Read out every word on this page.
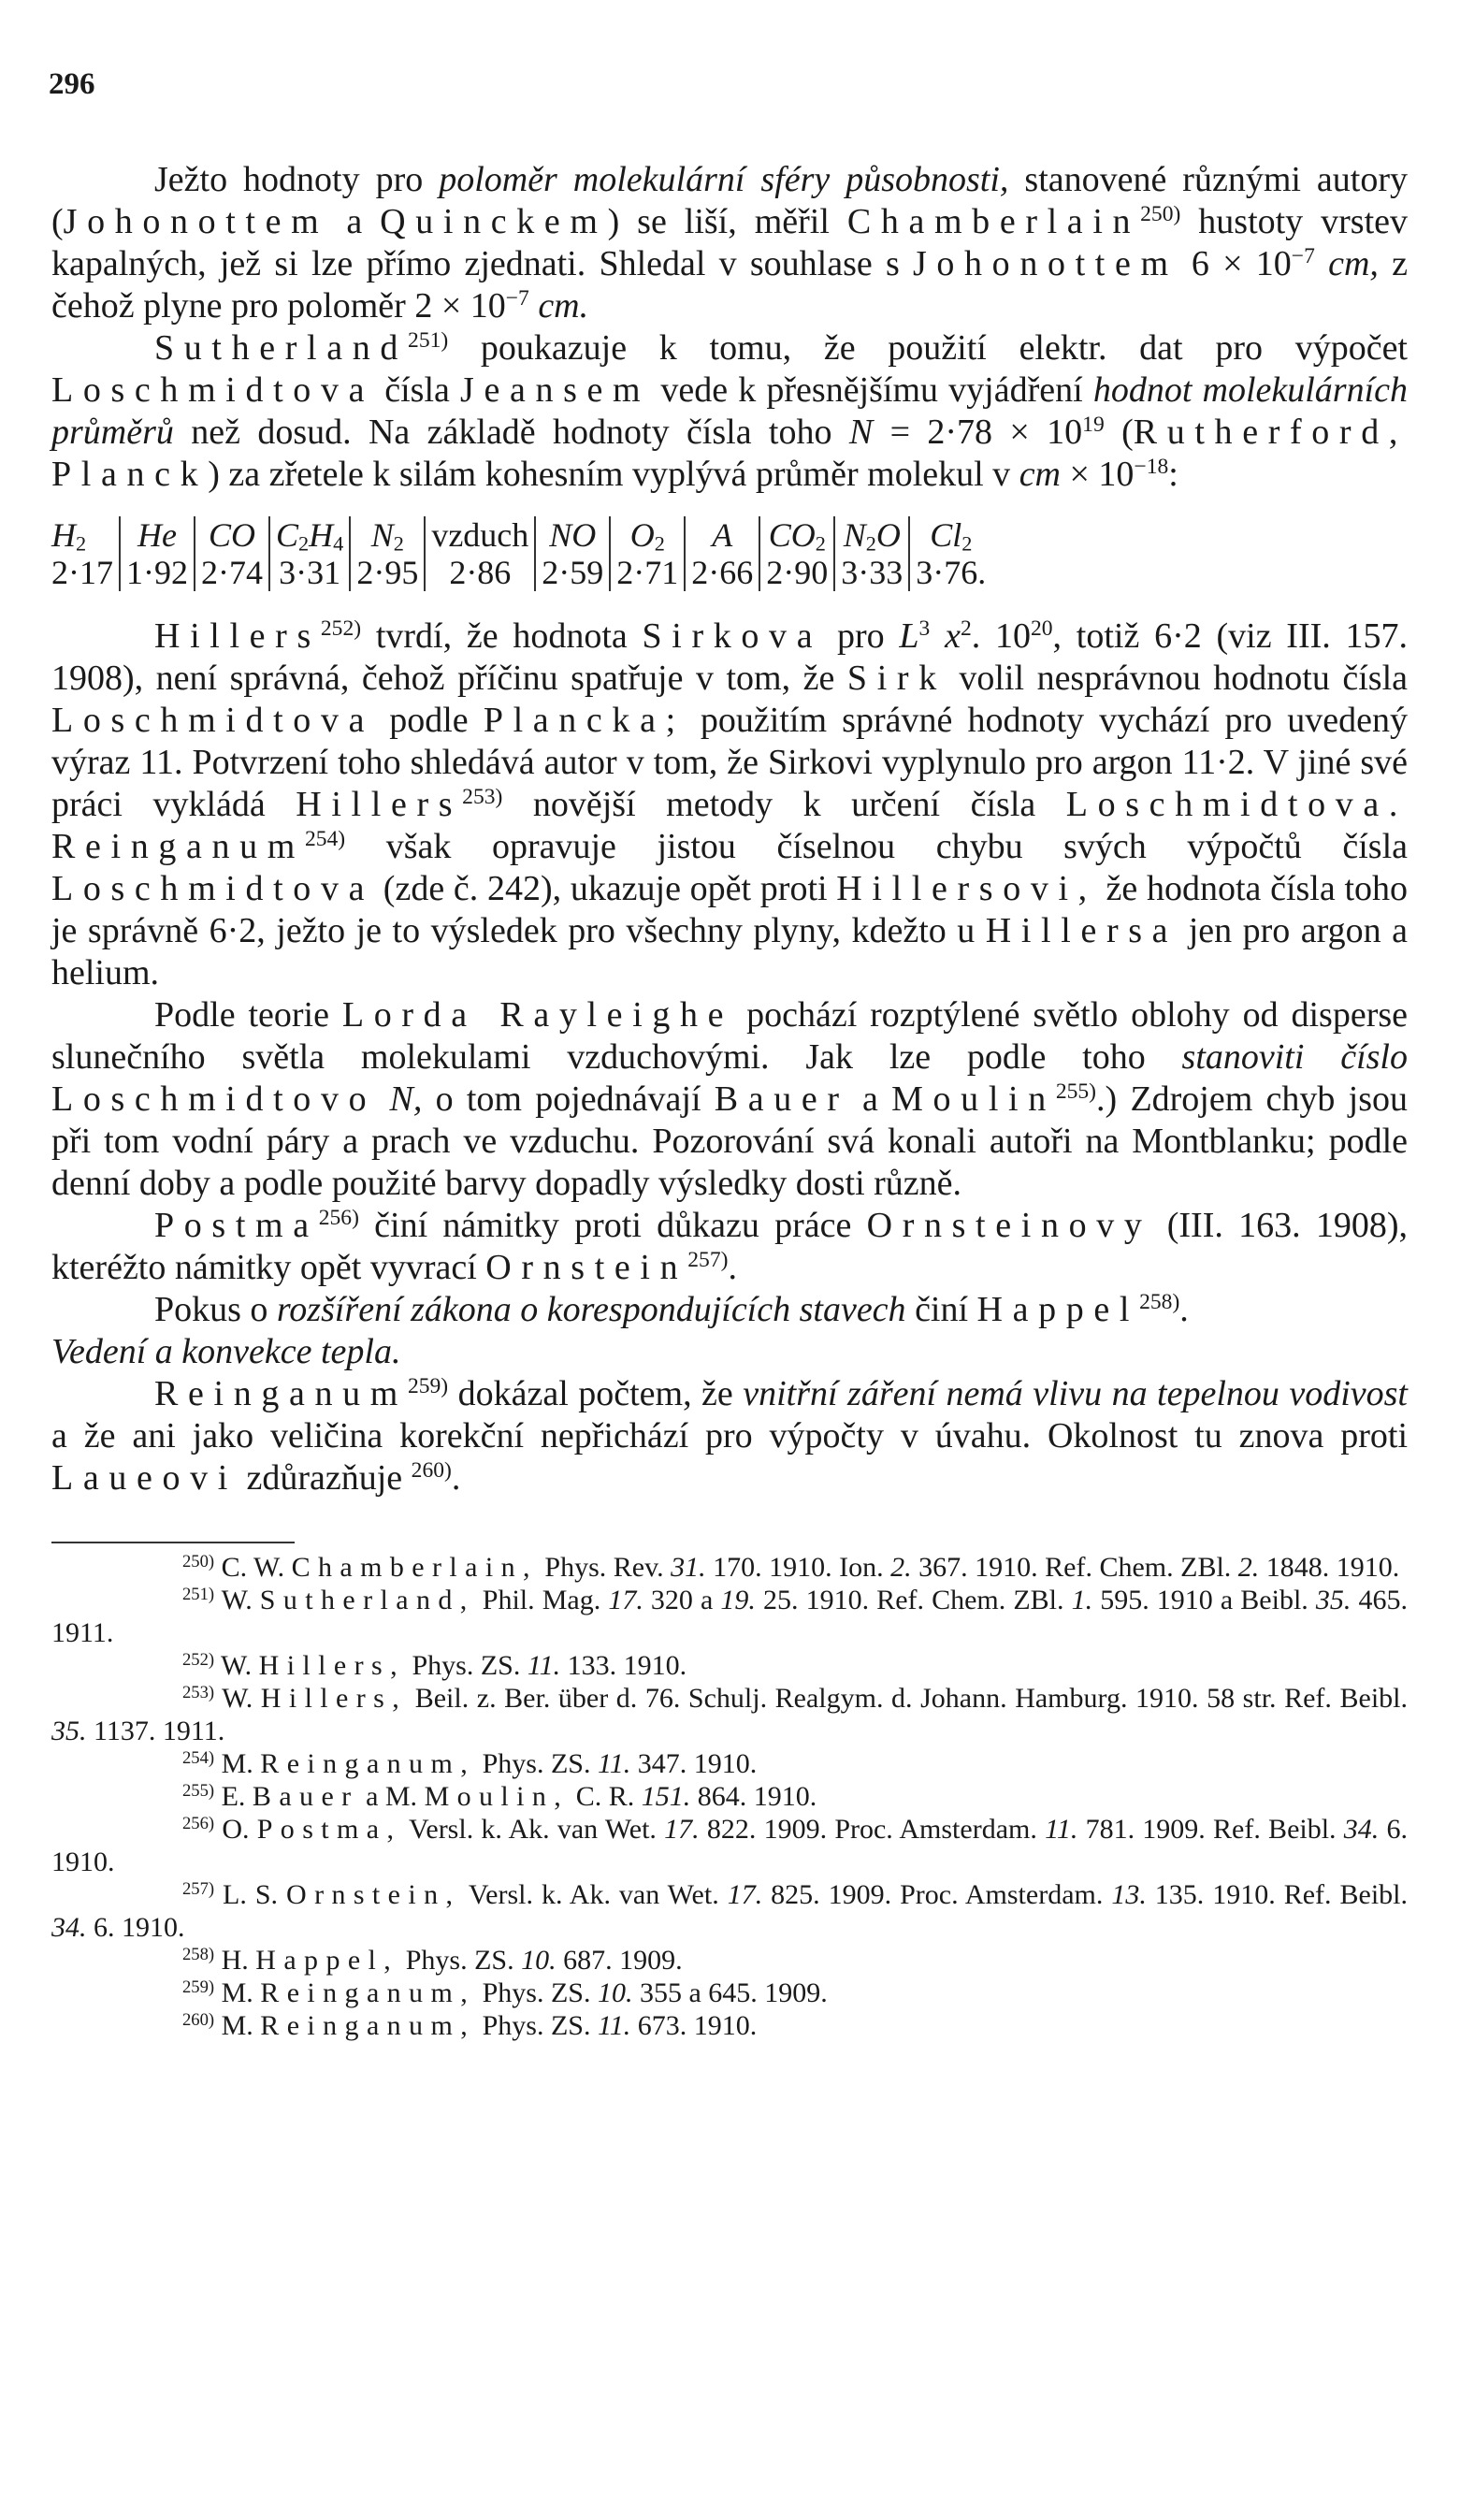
296

Ježto hodnoty pro poloměr molekulární sféry působnosti, stanovené různými autory (Johonottem a Quinckem) se liší, měřil Chamberlain$^{250)}$ hustoty vrstev kapalných, jež si lze přímo zjednati. Shledal v souhlase s Johonottem $6 \times 10^{-7}$ cm, z čehož plyne pro poloměr $2 \times 10^{-7}$ cm.

Sutherland$^{251)}$ poukazuje k tomu, že použití elektr. dat pro výpočet Loschmidtova čísla Jeansem vede k přesnějšímu vyjádření hodnot molekulárních průměrů než dosud. Na základě hodnoty čísla toho $N = 2\cdot 78 \times 10^{19}$ (Rutherford, Planck) za zřetele k silám kohesním vyplývá průměr molekul v cm × $10^{-18}$:

$H_2$	He	CO	$C_2H_4$	$N_2$	vzduch	NO	$O_2$	A	$CO_2$	$N_2O$	$Cl_2$
2·17	1·92	2·74	3·31	2·95	2·86	2·59	2·71	2·66	2·90	3·33	3·76.

Hillers$^{252)}$ tvrdí, že hodnota Sirkova pro $L^3$ $x^2$. $10^{20}$, totiž 6·2 (viz III. 157. 1908), není správná, čehož příčinu spatřuje v tom, že Sirk volil nesprávnou hodnotu čísla Loschmidtova podle Plancka; použitím správné hodnoty vychází pro uvedený výraz 11. Potvrzení toho shledává autor v tom, že Sirkovi vyplynulo pro argon 11·2. V jiné své práci vykládá Hillers$^{253)}$ novější metody k určení čísla Loschmidtova. Reinganum$^{254)}$ však opravuje jistou číselnou chybu svých výpočtů čísla Loschmidtova (zde č. 242), ukazuje opět proti Hillersovi, že hodnota čísla toho je správně 6·2, ježto je to výsledek pro všechny plyny, kdežto u Hillersa jen pro argon a helium.

Podle teorie Lorda Rayleighe pochází rozptýlené světlo oblohy od disperse slunečního světla molekulami vzduchovými. Jak lze podle toho stanoviti číslo Loschmidtovo N, o tom pojednávají Bauer a Moulin$^{255)}$.) Zdrojem chyb jsou při tom vodní páry a prach ve vzduchu. Pozorování svá konali autoři na Montblanku; podle denní doby a podle použité barvy dopadly výsledky dosti různě.

Postma$^{256)}$ činí námitky proti důkazu práce Ornsteinovy (III. 163. 1908), kteréžto námitky opět vyvrací Ornstein$^{257)}$.

Pokus o rozšíření zákona o korespondujících stavech činí Happel$^{258)}$.

Vedení a konvekce tepla.

Reinganum$^{259)}$ dokázal počtem, že vnitřní záření nemá vlivu na tepelnou vodivost a že ani jako veličina korekční nepřichází pro výpočty v úvahu. Okolnost tu znova proti Laueovi zdůrazňuje $^{260)}$.

$^{250)}$ C. W. Chamberlain, Phys. Rev. 31. 170. 1910. Ion. 2. 367. 1910. Ref. Chem. ZBl. 2. 1848. 1910.

$^{251)}$ W. Sutherland, Phil. Mag. 17. 320 a 19. 25. 1910. Ref. Chem. ZBl. 1. 595. 1910 a Beibl. 35. 465. 1911.

$^{252)}$ W. Hillers, Phys. ZS. 11. 133. 1910.

$^{253)}$ W. Hillers, Beil. z. Ber. über d. 76. Schulj. Realgym. d. Johann. Hamburg. 1910. 58 str. Ref. Beibl. 35. 1137. 1911.

$^{254)}$ M. Reinganum, Phys. ZS. 11. 347. 1910.

$^{255)}$ E. Bauer a M. Moulin, C. R. 151. 864. 1910.

$^{256)}$ O. Postma, Versl. k. Ak. van Wet. 17. 822. 1909. Proc. Amsterdam. 11. 781. 1909. Ref. Beibl. 34. 6. 1910.

$^{257)}$ L. S. Ornstein, Versl. k. Ak. van Wet. 17. 825. 1909. Proc. Amsterdam. 13. 135. 1910. Ref. Beibl. 34. 6. 1910.

$^{258)}$ H. Happel, Phys. ZS. 10. 687. 1909.

$^{259)}$ M. Reinganum, Phys. ZS. 10. 355 a 645. 1909.

$^{260)}$ M. Reinganum, Phys. ZS. 11. 673. 1910.
